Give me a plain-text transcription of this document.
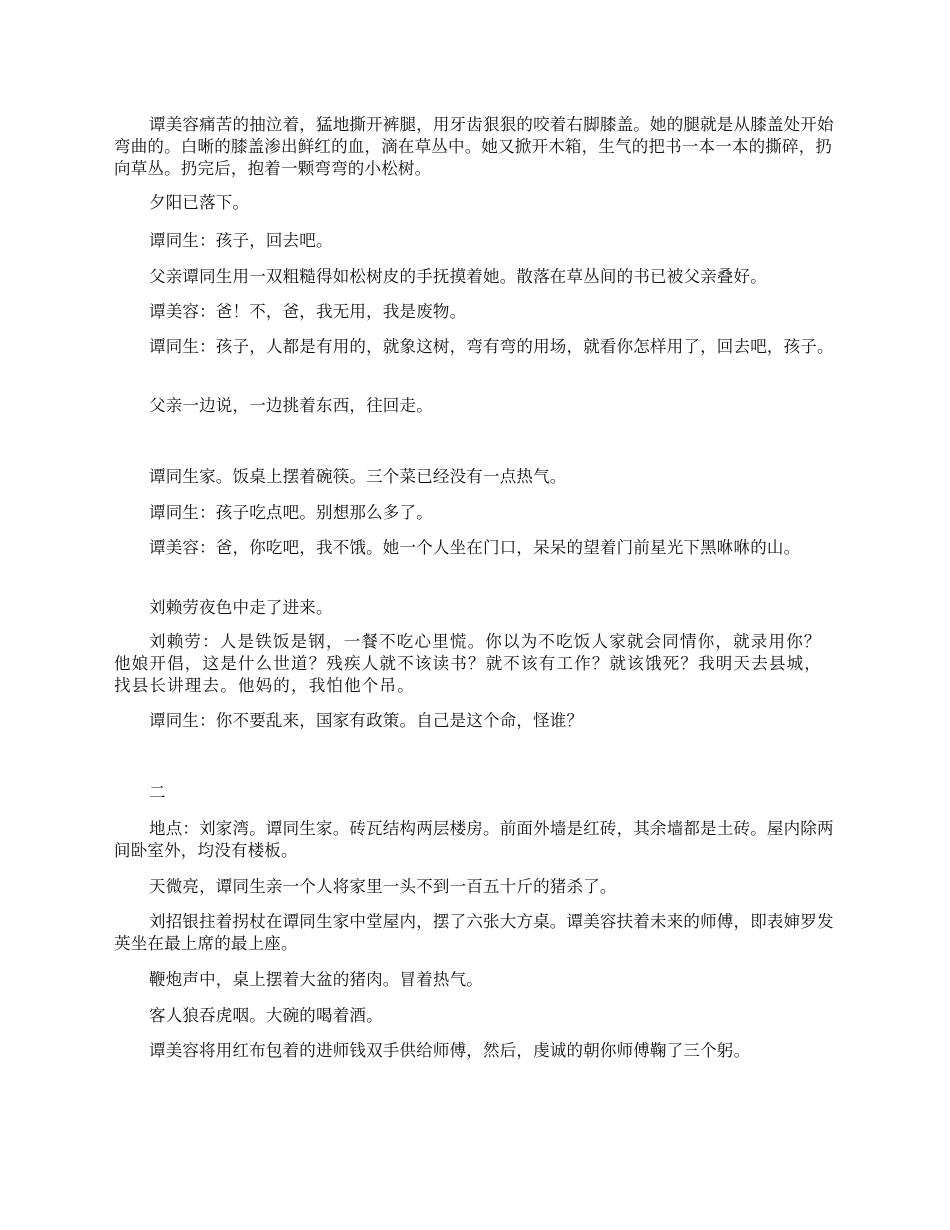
谭美容痛苦的抽泣着，猛地撕开裤腿，用牙齿狠狠的咬着右脚膝盖。她的腿就是从膝盖处开始弯曲的。白晰的膝盖渗出鲜红的血，滴在草丛中。她又掀开木箱，生气的把书一本一本的撕碎，扔向草丛。扔完后，抱着一颗弯弯的小松树。
夕阳已落下。
谭同生：孩子，回去吧。
父亲谭同生用一双粗糙得如松树皮的手抚摸着她。散落在草丛间的书已被父亲叠好。
谭美容：爸！不，爸，我无用，我是废物。
谭同生：孩子，人都是有用的，就象这树，弯有弯的用场，就看你怎样用了，回去吧，孩子。
父亲一边说，一边挑着东西，往回走。
谭同生家。饭桌上摆着碗筷。三个菜已经没有一点热气。
谭同生：孩子吃点吧。别想那么多了。
谭美容：爸，你吃吧，我不饿。她一个人坐在门口，呆呆的望着门前星光下黑咻咻的山。
刘赖劳夜色中走了进来。
刘赖劳：人是铁饭是钢，一餐不吃心里慌。你以为不吃饭人家就会同情你，就录用你？他娘开倡，这是什么世道？残疾人就不该读书？就不该有工作？就该饿死？我明天去县城，找县长讲理去。他妈的，我怕他个吊。
谭同生：你不要乱来，国家有政策。自己是这个命，怪谁？
二
地点：刘家湾。谭同生家。砖瓦结构两层楼房。前面外墙是红砖，其余墙都是土砖。屋内除两间卧室外，均没有楼板。
天微亮，谭同生亲一个人将家里一头不到一百五十斤的猪杀了。
刘招银拄着拐杖在谭同生家中堂屋内，摆了六张大方桌。谭美容扶着未来的师傅，即表婶罗发英坐在最上席的最上座。
鞭炮声中，桌上摆着大盆的猪肉。冒着热气。
客人狼吞虎咽。大碗的喝着酒。
谭美容将用红布包着的进师钱双手供给师傅，然后，虔诚的朝你师傅鞠了三个躬。
